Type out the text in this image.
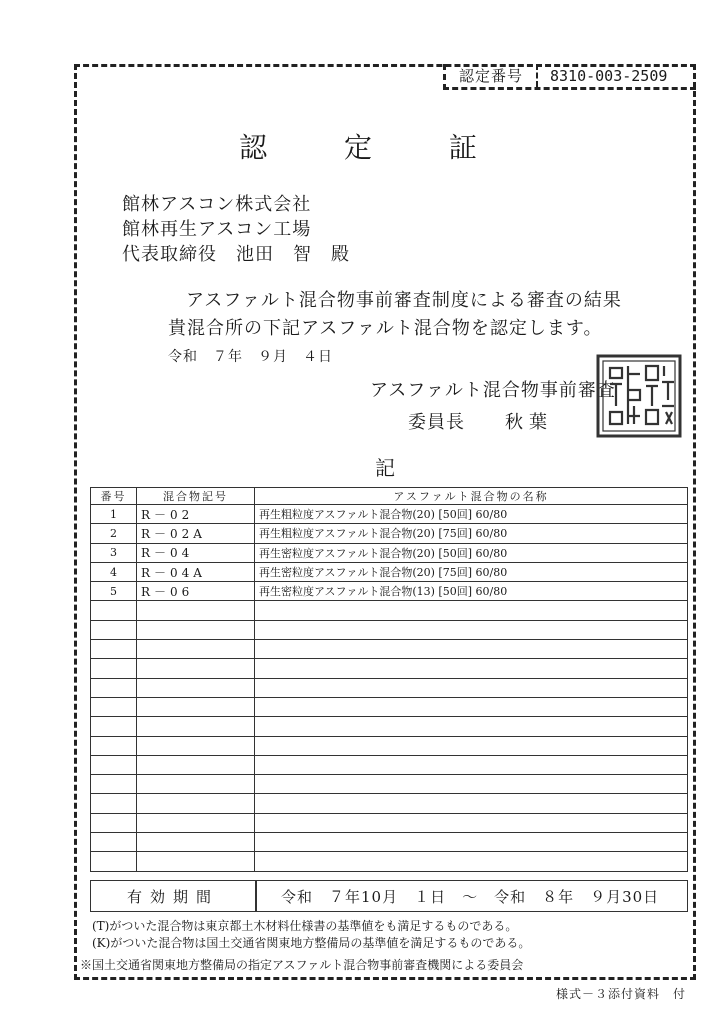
認定番号	8310-003-2509
認	定	証
館林アスコン株式会社
館林再生アスコン工場
代表取締役　池田　智　殿
アスファルト混合物事前審査制度による審査の結果
貴混合所の下記アスファルト混合物を認定します。
令和　７年　９月　４日
アスファルト混合物事前審査
委員長 秋葉
記
番号	混合物記号	アスファルト混合物の名称
1	R－02	再生粗粒度アスファルト混合物(20) [50回] 60/80
2	R－02A	再生粗粒度アスファルト混合物(20) [75回] 60/80
3	R－04	再生密粒度アスファルト混合物(20) [50回] 60/80
4	R－04A	再生密粒度アスファルト混合物(20) [75回] 60/80
5	R－06	再生密粒度アスファルト混合物(13) [50回] 60/80

有効期間	令和　７年10月　１日　～　令和　８年　９月30日
(T)がついた混合物は東京都土木材料仕様書の基準値をも満足するものである。
(K)がついた混合物は国土交通省関東地方整備局の基準値を満足するものである。
※国土交通省関東地方整備局の指定アスファルト混合物事前審査機関による委員会
様式－３添付資料　付
